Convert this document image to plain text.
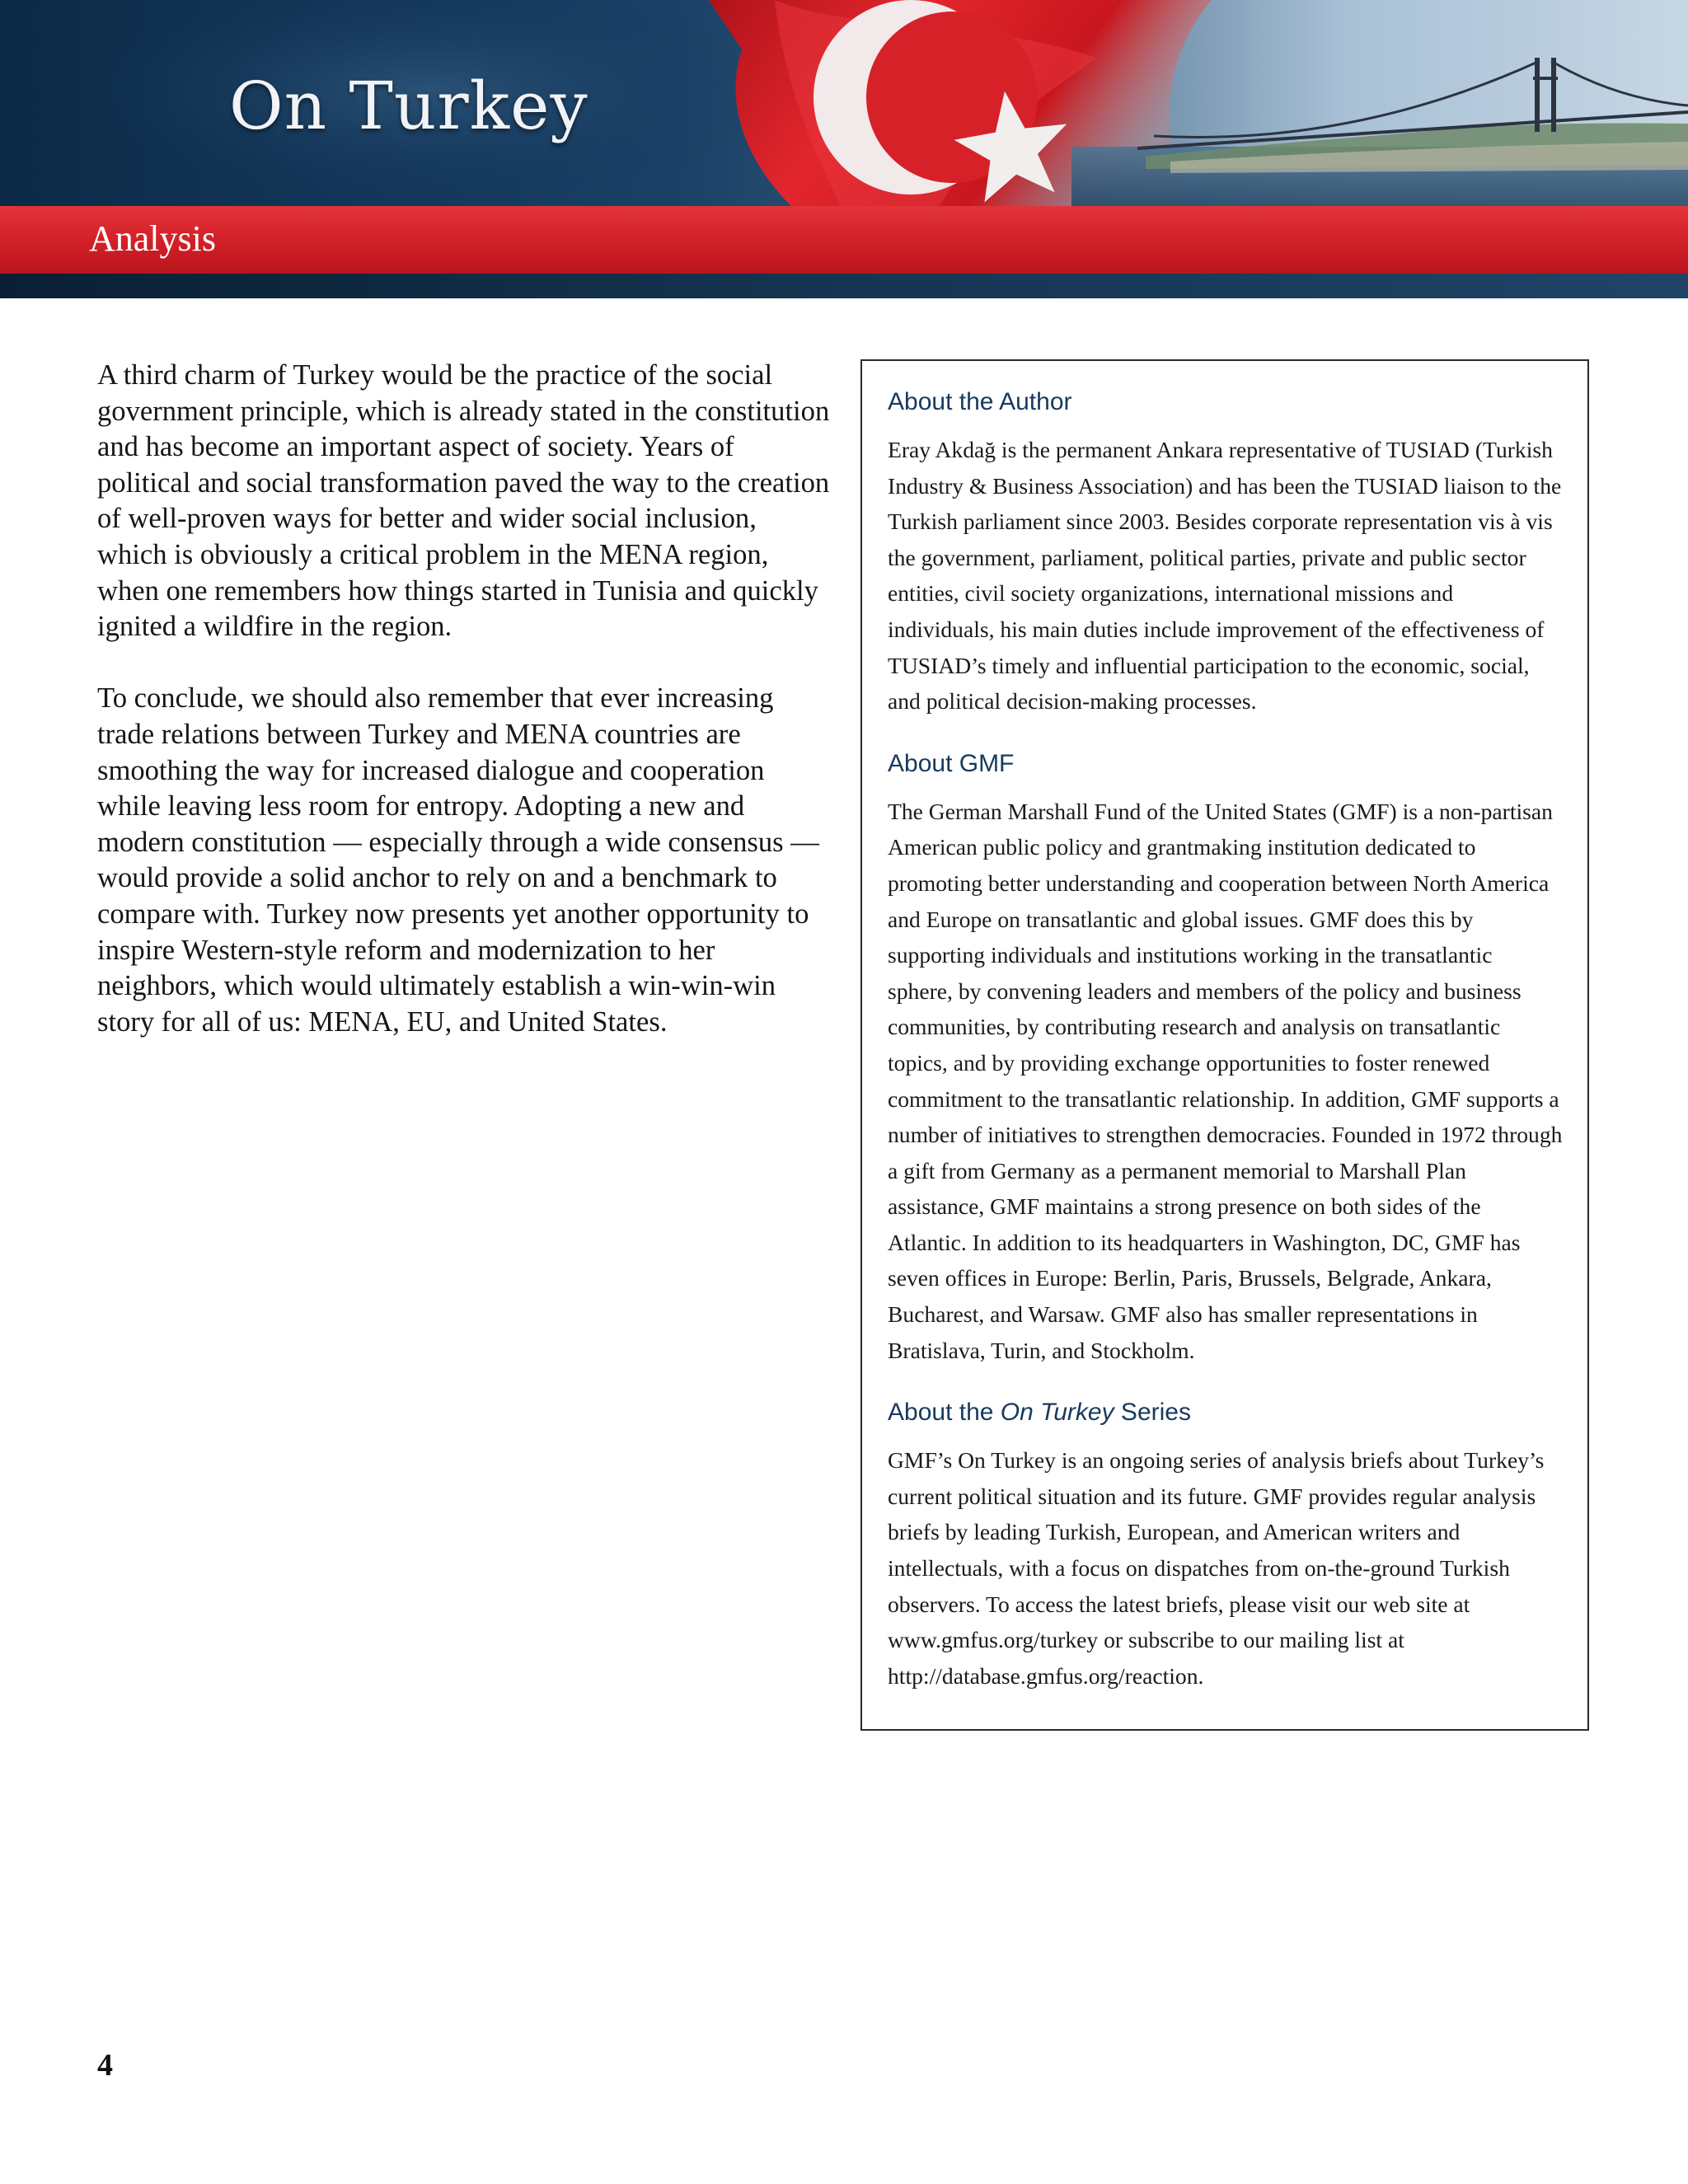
On Turkey
Analysis

A third charm of Turkey would be the practice of the social government principle, which is already stated in the constitution and has become an important aspect of society. Years of political and social transformation paved the way to the creation of well-proven ways for better and wider social inclusion, which is obviously a critical problem in the MENA region, when one remembers how things started in Tunisia and quickly ignited a wildfire in the region.

To conclude, we should also remember that ever increasing trade relations between Turkey and MENA countries are smoothing the way for increased dialogue and cooperation while leaving less room for entropy. Adopting a new and modern constitution — especially through a wide consensus — would provide a solid anchor to rely on and a benchmark to compare with. Turkey now presents yet another opportunity to inspire Western-style reform and modernization to her neighbors, which would ultimately establish a win-win-win story for all of us: MENA, EU, and United States.

About the Author
Eray Akdağ is the permanent Ankara representative of TUSIAD (Turkish Industry & Business Association) and has been the TUSIAD liaison to the Turkish parliament since 2003. Besides corporate representation vis à vis the government, parliament, political parties, private and public sector entities, civil society organizations, international missions and individuals, his main duties include improvement of the effectiveness of TUSIAD’s timely and influential participation to the economic, social, and political decision-making processes.
About GMF
The German Marshall Fund of the United States (GMF) is a non-partisan American public policy and grantmaking institution dedicated to promoting better understanding and cooperation between North America and Europe on transatlantic and global issues. GMF does this by supporting individuals and institutions working in the transatlantic sphere, by convening leaders and members of the policy and business communities, by contributing research and analysis on transatlantic topics, and by providing exchange opportunities to foster renewed commitment to the transatlantic relationship. In addition, GMF supports a number of initiatives to strengthen democracies. Founded in 1972 through a gift from Germany as a permanent memorial to Marshall Plan assistance, GMF maintains a strong presence on both sides of the Atlantic. In addition to its headquarters in Washington, DC, GMF has seven offices in Europe: Berlin, Paris, Brussels, Belgrade, Ankara, Bucharest, and Warsaw. GMF also has smaller representations in Bratislava, Turin, and Stockholm.
About the On Turkey Series
GMF’s On Turkey is an ongoing series of analysis briefs about Turkey’s current political situation and its future. GMF provides regular analysis briefs by leading Turkish, European, and American writers and intellectuals, with a focus on dispatches from on-the-ground Turkish observers. To access the latest briefs, please visit our web site at www.gmfus.org/turkey or subscribe to our mailing list at http://database.gmfus.org/reaction.
4
